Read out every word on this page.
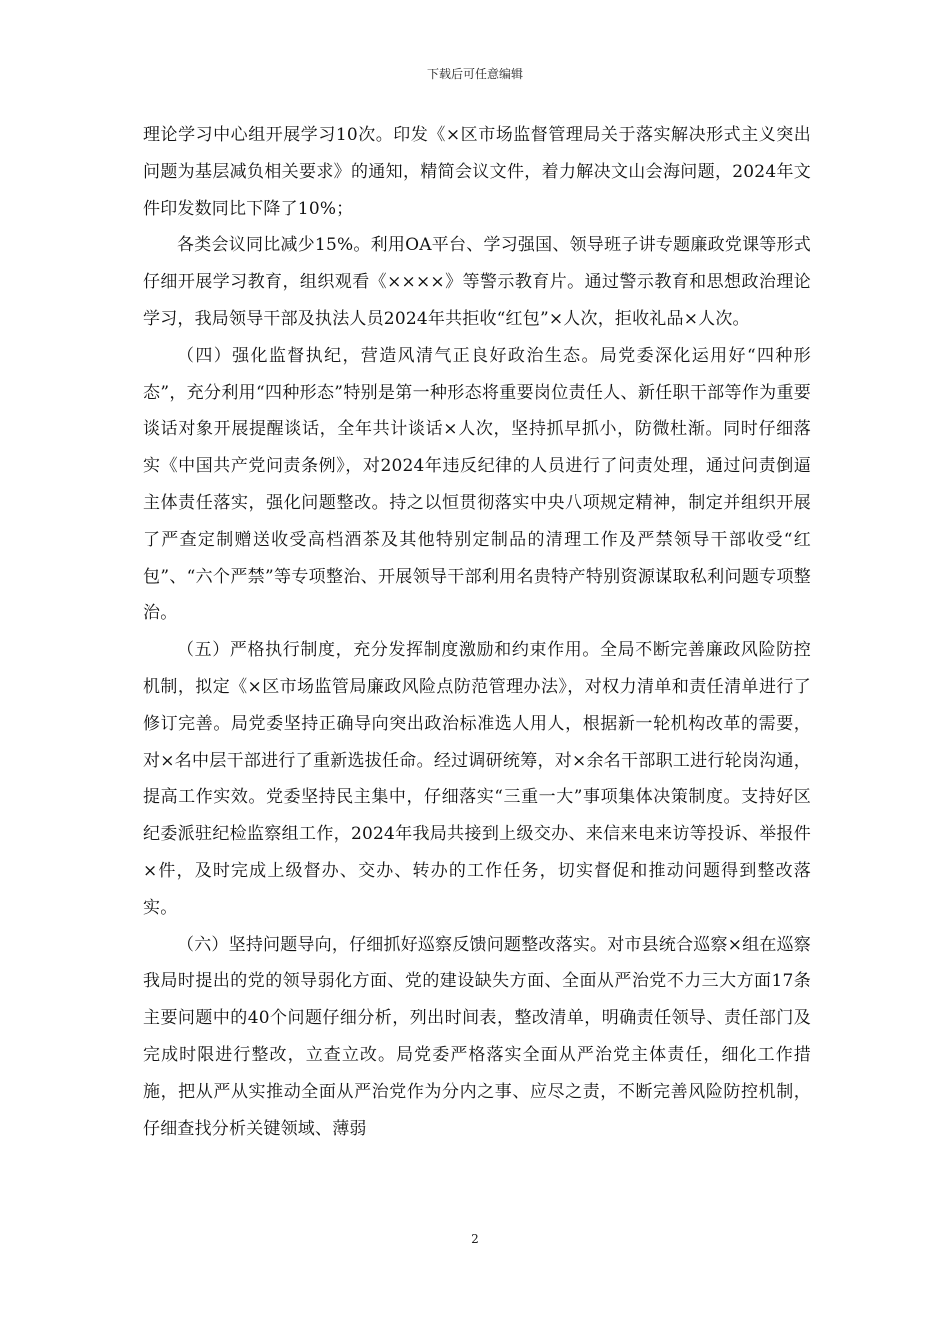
下载后可任意编辑

理论学习中心组开展学习10次。印发《×区市场监督管理局关于落实解决形式主义突出问题为基层减负相关要求》的通知，精简会议文件，着力解决文山会海问题，2024年文件印发数同比下降了10%；

各类会议同比减少15%。利用OA平台、学习强国、领导班子讲专题廉政党课等形式仔细开展学习教育，组织观看《××××》等警示教育片。通过警示教育和思想政治理论学习，我局领导干部及执法人员2024年共拒收“红包”×人次，拒收礼品×人次。

（四）强化监督执纪，营造风清气正良好政治生态。局党委深化运用好“四种形态”，充分利用“四种形态”特别是第一种形态将重要岗位责任人、新任职干部等作为重要谈话对象开展提醒谈话，全年共计谈话×人次，坚持抓早抓小，防微杜渐。同时仔细落实《中国共产党问责条例》，对2024年违反纪律的人员进行了问责处理，通过问责倒逼主体责任落实，强化问题整改。持之以恒贯彻落实中央八项规定精神，制定并组织开展了严查定制赠送收受高档酒茶及其他特别定制品的清理工作及严禁领导干部收受“红包”、“六个严禁”等专项整治、开展领导干部利用名贵特产特别资源谋取私利问题专项整治。

（五）严格执行制度，充分发挥制度激励和约束作用。全局不断完善廉政风险防控机制，拟定《×区市场监管局廉政风险点防范管理办法》，对权力清单和责任清单进行了修订完善。局党委坚持正确导向突出政治标准选人用人，根据新一轮机构改革的需要，对×名中层干部进行了重新选拔任命。经过调研统筹，对×余名干部职工进行轮岗沟通，提高工作实效。党委坚持民主集中，仔细落实“三重一大”事项集体决策制度。支持好区纪委派驻纪检监察组工作，2024年我局共接到上级交办、来信来电来访等投诉、举报件×件，及时完成上级督办、交办、转办的工作任务，切实督促和推动问题得到整改落实。

（六）坚持问题导向，仔细抓好巡察反馈问题整改落实。对市县统合巡察×组在巡察我局时提出的党的领导弱化方面、党的建设缺失方面、全面从严治党不力三大方面17条主要问题中的40个问题仔细分析，列出时间表，整改清单，明确责任领导、责任部门及完成时限进行整改，立查立改。局党委严格落实全面从严治党主体责任，细化工作措施，把从严从实推动全面从严治党作为分内之事、应尽之责，不断完善风险防控机制，仔细查找分析关键领域、薄弱

2
